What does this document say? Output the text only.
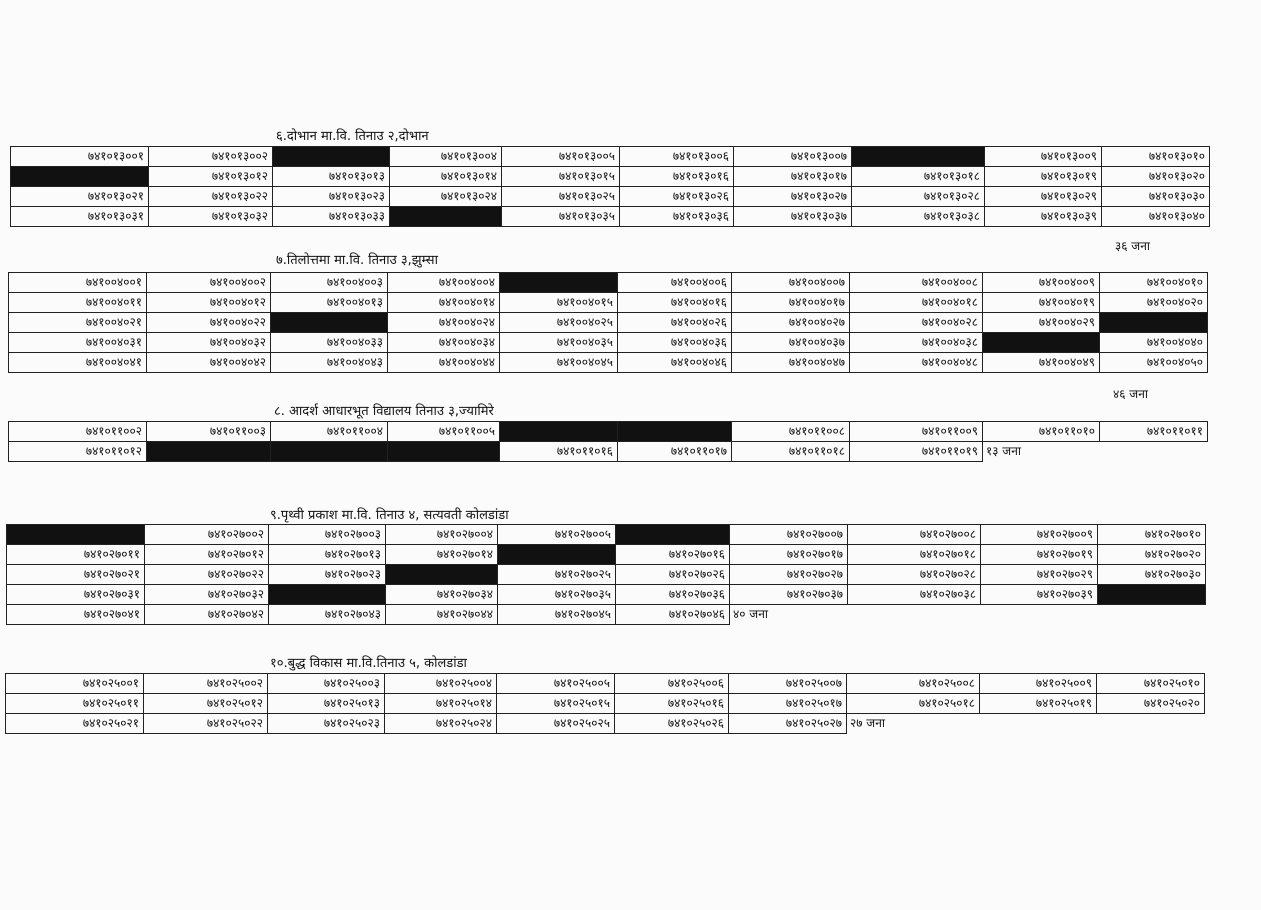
६.दोभान मा.वि. तिनाउ २,दोभान
७४१०१३००१	७४१०१३००२		७४१०१३००४	७४१०१३००५	७४१०१३००६	७४१०१३००७		७४१०१३००९	७४१०१३०१०
	७४१०१३०१२	७४१०१३०१३	७४१०१३०१४	७४१०१३०१५	७४१०१३०१६	७४१०१३०१७	७४१०१३०१८	७४१०१३०१९	७४१०१३०२०
७४१०१३०२१	७४१०१३०२२	७४१०१३०२३	७४१०१३०२४	७४१०१३०२५	७४१०१३०२६	७४१०१३०२७	७४१०१३०२८	७४१०१३०२९	७४१०१३०३०
७४१०१३०३१	७४१०१३०३२	७४१०१३०३३		७४१०१३०३५	७४१०१३०३६	७४१०१३०३७	७४१०१३०३८	७४१०१३०३९	७४१०१३०४०
३६ जना
७.तिलोत्तमा मा.वि. तिनाउ ३,झुम्सा
७४१००४००१	७४१००४००२	७४१००४००३	७४१००४००४		७४१००४००६	७४१००४००७	७४१००४००८	७४१००४००९	७४१००४०१०
७४१००४०११	७४१००४०१२	७४१००४०१३	७४१००४०१४	७४१००४०१५	७४१००४०१६	७४१००४०१७	७४१००४०१८	७४१००४०१९	७४१००४०२०
७४१००४०२१	७४१००४०२२		७४१००४०२४	७४१००४०२५	७४१००४०२६	७४१००४०२७	७४१००४०२८	७४१००४०२९	
७४१००४०३१	७४१००४०३२	७४१००४०३३	७४१००४०३४	७४१००४०३५	७४१००४०३६	७४१००४०३७	७४१००४०३८		७४१००४०४०
७४१००४०४१	७४१००४०४२	७४१००४०४३	७४१००४०४४	७४१००४०४५	७४१००४०४६	७४१००४०४७	७४१००४०४८	७४१००४०४९	७४१००४०५०
४६ जना
८. आदर्श आधारभूत विद्यालय तिनाउ ३,ज्यामिरे
७४१०११००२	७४१०११००३	७४१०११००४	७४१०११००५			७४१०११००८	७४१०११००९	७४१०११०१०	७४१०११०११
७४१०११०१२				७४१०११०१६	७४१०११०१७	७४१०११०१८	७४१०११०१९	१३ जना	
९.पृथ्वी प्रकाश मा.वि. तिनाउ ४, सत्यवती कोलडांडा
	७४१०२७००२	७४१०२७००३	७४१०२७००४	७४१०२७००५		७४१०२७००७	७४१०२७००८	७४१०२७००९	७४१०२७०१०
७४१०२७०११	७४१०२७०१२	७४१०२७०१३	७४१०२७०१४		७४१०२७०१६	७४१०२७०१७	७४१०२७०१८	७४१०२७०१९	७४१०२७०२०
७४१०२७०२१	७४१०२७०२२	७४१०२७०२३		७४१०२७०२५	७४१०२७०२६	७४१०२७०२७	७४१०२७०२८	७४१०२७०२९	७४१०२७०३०
७४१०२७०३१	७४१०२७०३२		७४१०२७०३४	७४१०२७०३५	७४१०२७०३६	७४१०२७०३७	७४१०२७०३८	७४१०२७०३९	
७४१०२७०४१	७४१०२७०४२	७४१०२७०४३	७४१०२७०४४	७४१०२७०४५	७४१०२७०४६	४० जना			
१०.बुद्ध विकास मा.वि.तिनाउ ५, कोलडांडा
७४१०२५००१	७४१०२५००२	७४१०२५००३	७४१०२५००४	७४१०२५००५	७४१०२५००६	७४१०२५००७	७४१०२५००८	७४१०२५००९	७४१०२५०१०
७४१०२५०११	७४१०२५०१२	७४१०२५०१३	७४१०२५०१४	७४१०२५०१५	७४१०२५०१६	७४१०२५०१७	७४१०२५०१८	७४१०२५०१९	७४१०२५०२०
७४१०२५०२१	७४१०२५०२२	७४१०२५०२३	७४१०२५०२४	७४१०२५०२५	७४१०२५०२६	७४१०२५०२७	२७ जना		
